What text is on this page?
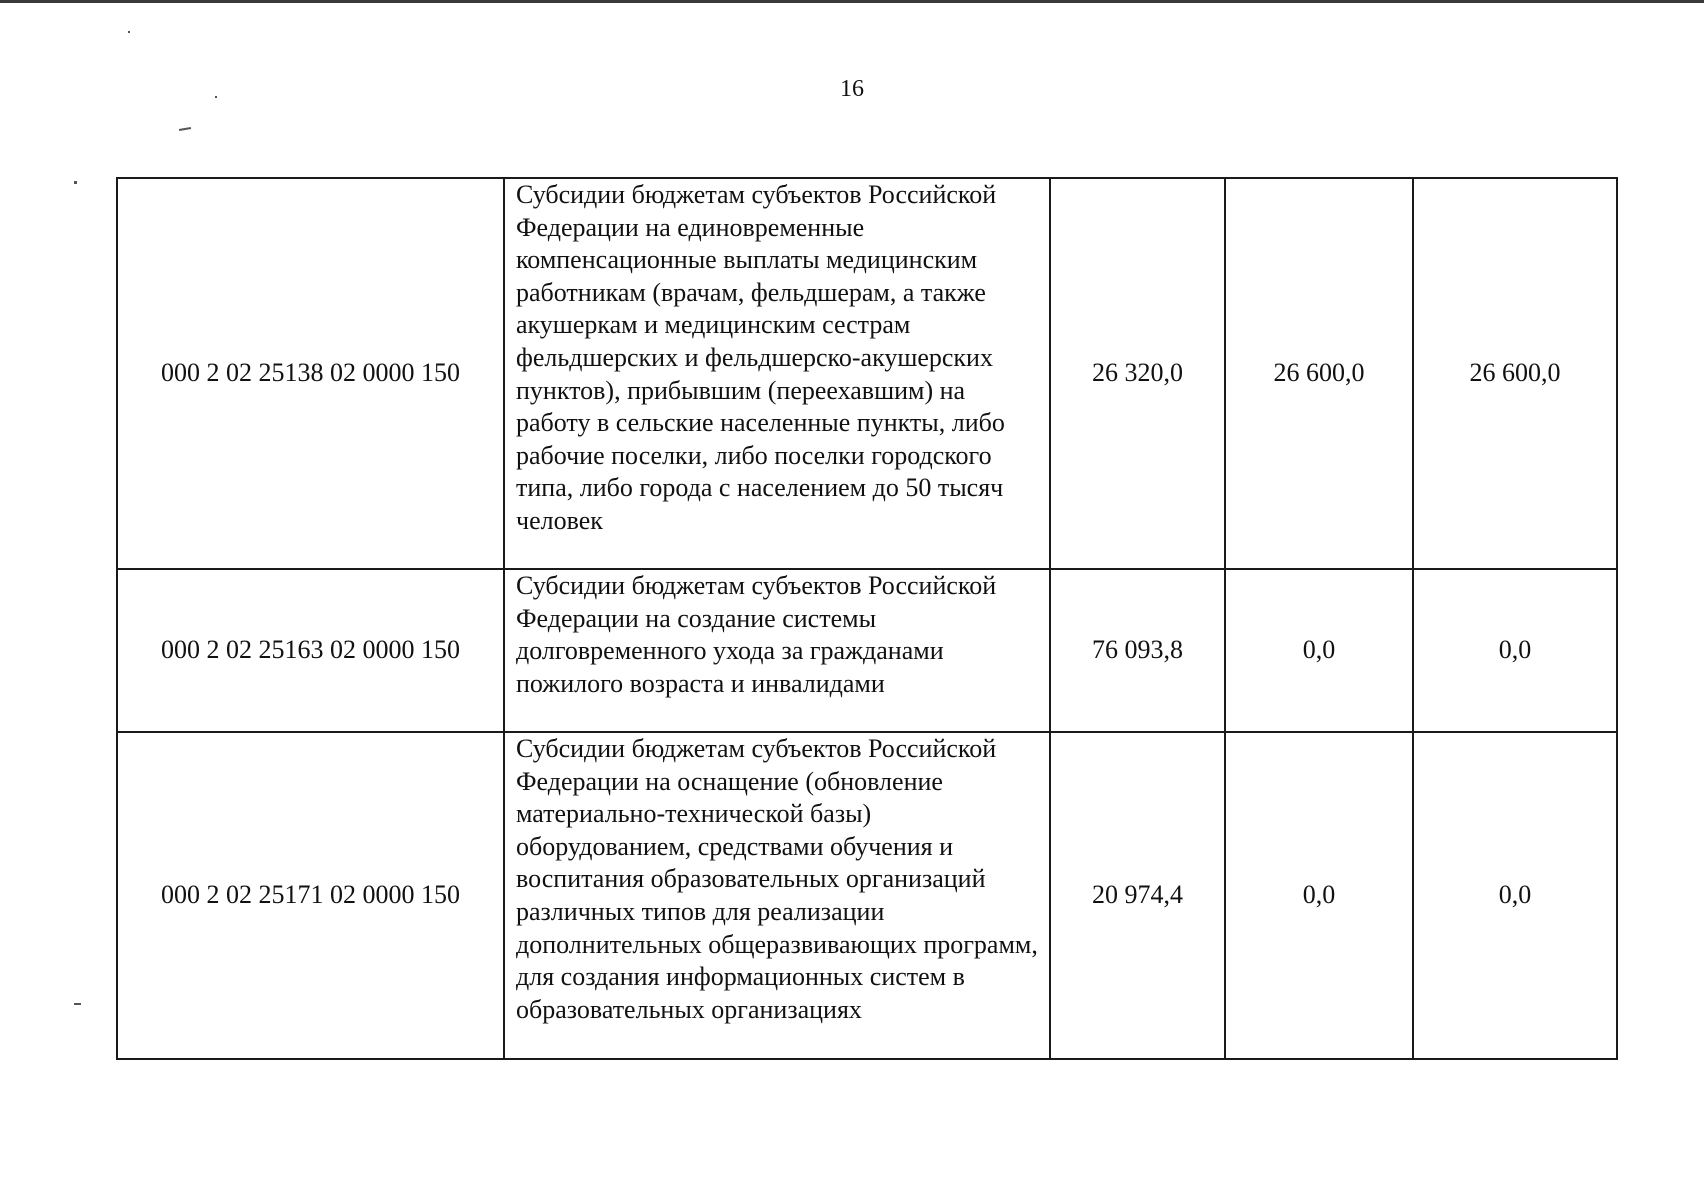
16
000 2 02 25138 02 0000 150	Субсидии бюджетам субъектов Российской Федерации на единовременные компенсационные выплаты медицинским работникам (врачам, фельдшерам, а также акушеркам и медицинским сестрам фельдшерских и фельдшерско-акушерских пунктов), прибывшим (переехавшим) на работу в сельские населенные пункты, либо рабочие поселки, либо поселки городского типа, либо города с населением до 50 тысяч человек	26 320,0	26 600,0	26 600,0
000 2 02 25163 02 0000 150	Субсидии бюджетам субъектов Российской Федерации на создание системы долговременного ухода за гражданами пожилого возраста и инвалидами	76 093,8	0,0	0,0
000 2 02 25171 02 0000 150	Субсидии бюджетам субъектов Российской Федерации на оснащение (обновление материально-технической базы) оборудованием, средствами обучения и воспитания образовательных организаций различных типов для реализации дополнительных общеразвивающих программ, для создания информационных систем в образовательных организациях	20 974,4	0,0	0,0
